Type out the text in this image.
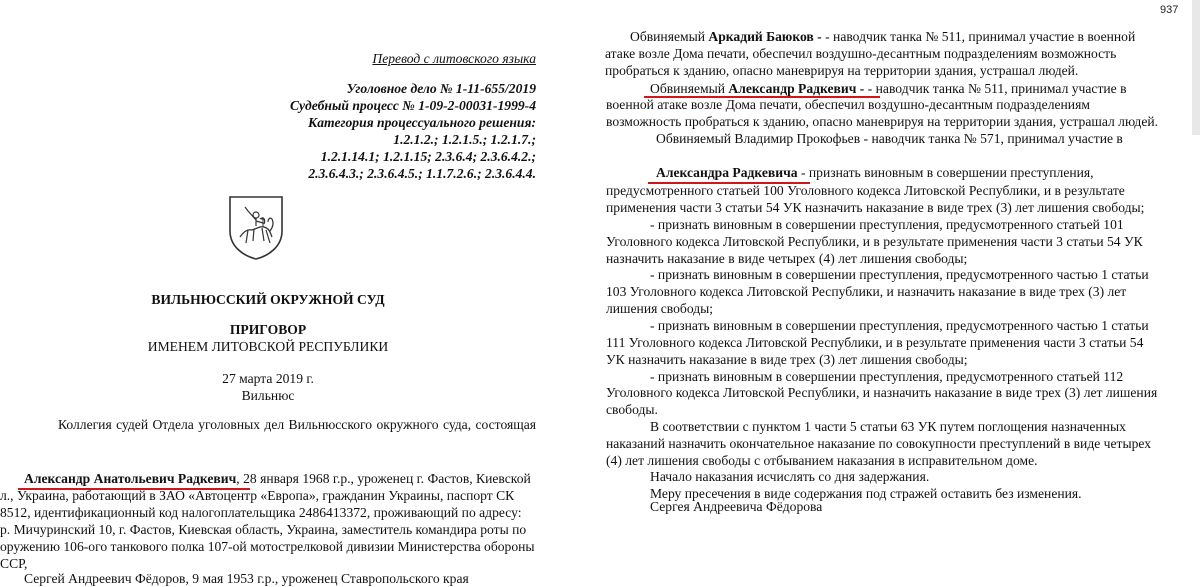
Перевод с литовского языка
Уголовное дело № 1-11-655/2019
Судебный процесс № 1-09-2-00031-1999-4
Категория процессуального решения:
1.2.1.2.; 1.2.1.5.; 1.2.1.7.;
1.2.1.14.1; 1.2.1.15; 2.3.6.4; 2.3.6.4.2.;
2.3.6.4.3.; 2.3.6.4.5.; 1.1.7.2.6.; 2.3.6.4.4.
ВИЛЬНЮССКИЙ ОКРУЖНОЙ СУД
ПРИГОВОР
ИМЕНЕМ ЛИТОВСКОЙ РЕСПУБЛИКИ
27 марта 2019 г.
Вильнюс
Коллегия судей Отдела уголовных дел Вильнюсского окружного суда, состоящая
Александр Анатольевич Радкевич, 28 января 1968 г.р., уроженец г. Фастов, Киевской
л., Украина, работающий в ЗАО «Автоцентр «Европа», гражданин Украины, паспорт СК
8512, идентификационный код налогоплательщика 2486413372, проживающий по адресу:
р. Мичуринский 10, г. Фастов, Киевская область, Украина, заместитель командира роты по
оружению 106-ого танкового полка 107-ой мотострелковой дивизии Министерства обороны
ССР,
Сергей Андреевич Фёдоров, 9 мая 1953 г.р., уроженец Ставропольского края
937
Обвиняемый Аркадий Баюков - - наводчик танка № 511, принимал участие в военной
атаке возле Дома печати, обеспечил воздушно-десантным подразделениям возможность
пробраться к зданию, опасно маневрируя на территории здания, устрашал людей.
Обвиняемый Александр Радкевич - - наводчик танка № 511, принимал участие в
военной атаке возле Дома печати, обеспечил воздушно-десантным подразделениям
возможность пробраться к зданию, опасно маневрируя на территории здания, устрашал людей.
Обвиняемый Владимир Прокофьев - наводчик танка № 571, принимал участие в
Александра Радкевича - признать виновным в совершении преступления,
предусмотренного статьей 100 Уголовного кодекса Литовской Республики, и в результате
применения части 3 статьи 54 УК назначить наказание в виде трех (3) лет лишения свободы;
- признать виновным в совершении преступления, предусмотренного статьей 101
Уголовного кодекса Литовской Республики, и в результате применения части 3 статьи 54 УК
назначить наказание в виде четырех (4) лет лишения свободы;
- признать виновным в совершении преступления, предусмотренного частью 1 статьи
103 Уголовного кодекса Литовской Республики, и назначить наказание в виде трех (3) лет
лишения свободы;
- признать виновным в совершении преступления, предусмотренного частью 1 статьи
111 Уголовного кодекса Литовской Республики, и в результате применения части 3 статьи 54
УК назначить наказание в виде трех (3) лет лишения свободы;
- признать виновным в совершении преступления, предусмотренного статьей 112
Уголовного кодекса Литовской Республики, и назначить наказание в виде трех (3) лет лишения
свободы.
В соответствии с пунктом 1 части 5 статьи 63 УК путем поглощения назначенных
наказаний назначить окончательное наказание по совокупности преступлений в виде четырех
(4) лет лишения свободы с отбыванием наказания в исправительном доме.
Начало наказания исчислять со дня задержания.
Меру пресечения в виде содержания под стражей оставить без изменения.
Сергея Андреевича Фёдорова
